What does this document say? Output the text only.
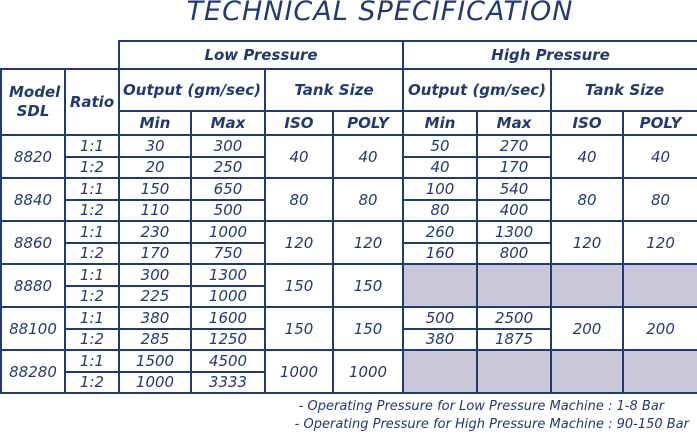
TECHNICAL SPECIFICATION
		Low Pressure				High Pressure			
Model SDL	Ratio	Output (gm/sec)		Tank Size		Output (gm/sec)		Tank Size	
		Min	Max	ISO	POLY	Min	Max	ISO	POLY
8820	1:1	30	300	40	40	50	270	40	40
	1:2	20	250			40	170		
8840	1:1	150	650	80	80	100	540	80	80
	1:2	110	500			80	400		
8860	1:1	230	1000	120	120	260	1300	120	120
	1:2	170	750			160	800		
8880	1:1	300	1300	150	150				
	1:2	225	1000						
88100	1:1	380	1600	150	150	500	2500	200	200
	1:2	285	1250			380	1875		
88280	1:1	1500	4500	1000	1000				
	1:2	1000	3333						
- Operating Pressure for Low Pressure Machine : 1-8 Bar
- Operating Pressure for High Pressure Machine : 90-150 Bar
